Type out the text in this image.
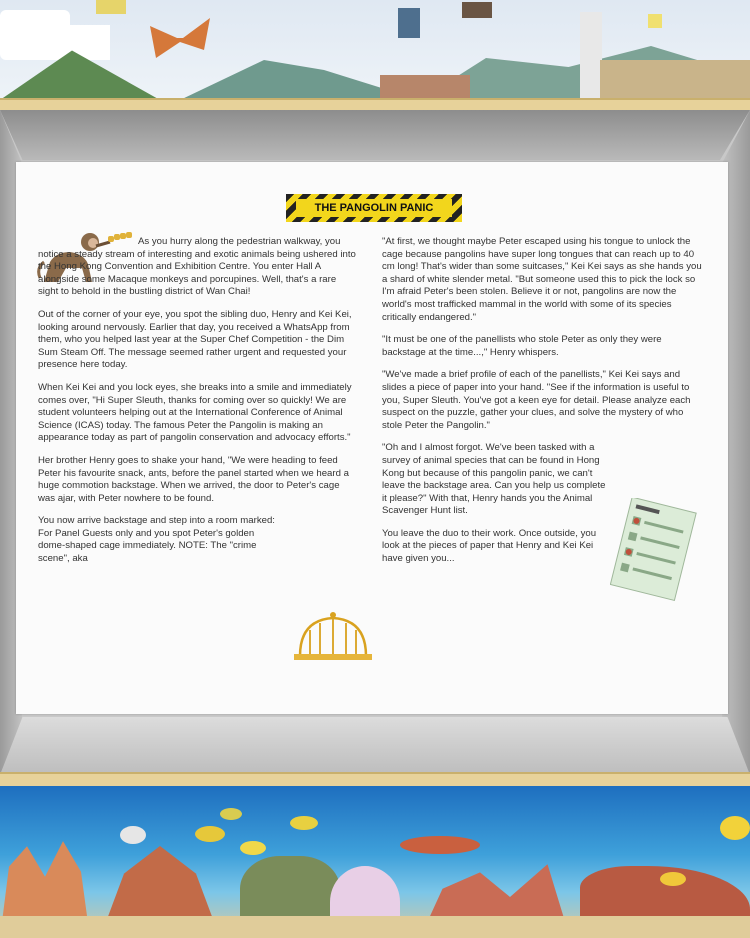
THE PANGOLIN PANIC

As you hurry along the pedestrian walkway, you notice a steady stream of interesting and exotic animals being ushered into the Hong Kong Convention and Exhibition Centre. You enter Hall A alongside some Macaque monkeys and porcupines. Well, that's a rare sight to behold in the bustling district of Wan Chai!

Out of the corner of your eye, you spot the sibling duo, Henry and Kei Kei, looking around nervously. Earlier that day, you received a WhatsApp from them, who you helped last year at the Super Chef Competition - the Dim Sum Steam Off. The message seemed rather urgent and requested your presence here today.

When Kei Kei and you lock eyes, she breaks into a smile and immediately comes over, "Hi Super Sleuth, thanks for coming over so quickly! We are student volunteers helping out at the International Conference of Animal Science (ICAS) today. The famous Peter the Pangolin is making an appearance today as part of pangolin conservation and advocacy efforts."

Her brother Henry goes to shake your hand, "We were heading to feed Peter his favourite snack, ants, before the panel started when we heard a huge commotion backstage. When we arrived, the door to Peter's cage was ajar, with Peter nowhere to be found.

You now arrive backstage and step into a room marked: For Panel Guests only and you spot Peter's golden dome-shaped cage immediately. NOTE: The "crime scene", aka

"At first, we thought maybe Peter escaped using his tongue to unlock the cage because pangolins have super long tongues that can reach up to 40 cm long! That's wider than some suitcases," Kei Kei says as she hands you a shard of white slender metal. "But someone used this to pick the lock so I'm afraid Peter's been stolen. Believe it or not, pangolins are now the world's most trafficked mammal in the world with some of its species critically endangered."

"It must be one of the panellists who stole Peter as only they were backstage at the time...," Henry whispers.

"We've made a brief profile of each of the panellists," Kei Kei says and slides a piece of paper into your hand. "See if the information is useful to you, Super Sleuth. You've got a keen eye for detail. Please analyze each suspect on the puzzle, gather your clues, and solve the mystery of who stole Peter the Pangolin."

"Oh and I almost forgot. We've been tasked with a survey of animal species that can be found in Hong Kong but because of this pangolin panic, we can't leave the backstage area. Can you help us complete it please?" With that, Henry hands you the Animal Scavenger Hunt list.

You leave the duo to their work. Once outside, you look at the pieces of paper that Henry and Kei Kei have given you...
